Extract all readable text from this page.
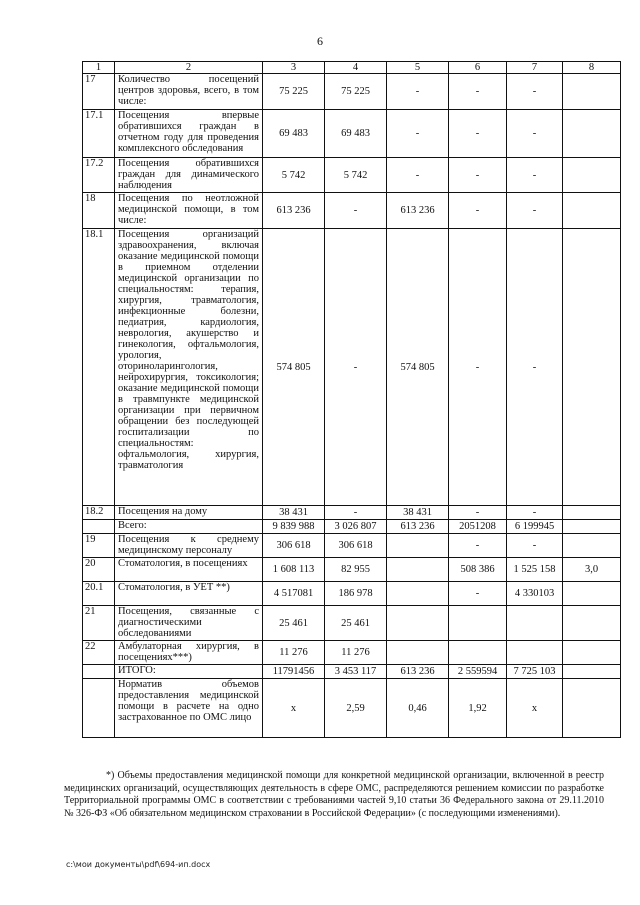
6
1	2	3	4	5	6	7	8
17	Количество посещений центров здоровья, всего, в том числе:	75 225	75 225	-	-	-	
17.1	Посещения впервые обратившихся граждан в отчетном году для проведения комплексного обследования	69 483	69 483	-	-	-	
17.2	Посещения обратившихся граждан для динамического наблюдения	5 742	5 742	-	-	-	
18	Посещения по неотложной медицинской помощи, в том числе:	613 236	-	613 236	-	-	
18.1	Посещения организаций здравоохранения, включая оказание медицинской помощи в приемном отделении медицинской организации по специальностям: терапия, хирургия, травматология, инфекционные болезни, педиатрия, кардиология, неврология, акушерство и гинекология, офтальмология, урология, оториноларингология, нейрохирургия, токсикология; оказание медицинской помощи в травмпункте медицинской организации при первичном обращении без последующей госпитализации по специальностям: офтальмология, хирургия, травматология	574 805	-	574 805	-	-	
18.2	Посещения на дому	38 431	-	38 431	-	-	
	Всего:	9 839 988	3 026 807	613 236	2051208	6 199945	
19	Посещения к среднему медицинскому персоналу	306 618	306 618		-	-	
20	Стоматология, в посещениях	1 608 113	82 955		508 386	1 525 158	3,0
20.1	Стоматология, в УЕТ **)	4 517081	186 978		-	4 330103	
21	Посещения, связанные с диагностическими обследованиями	25 461	25 461				
22	Амбулаторная хирургия, в посещениях***)	11 276	11 276				
	ИТОГО:	11791456	3 453 117	613 236	2 559594	7 725 103	
	Норматив объемов предоставления медицинской помощи в расчете на одно застрахованное по ОМС лицо	x	2,59	0,46	1,92	x	
*) Объемы предоставления медицинской помощи для конкретной медицинской организации, включенной в реестр медицинских организаций, осуществляющих деятельность в сфере ОМС, распределяются решением комиссии по разработке Территориальной программы ОМС в соответствии с требованиями частей 9,10 статьи 36 Федерального закона от 29.11.2010 № 326-ФЗ «Об обязательном медицинском страховании в Российской Федерации» (с последующими изменениями).
c:\мои документы\pdf\694-ип.docx
